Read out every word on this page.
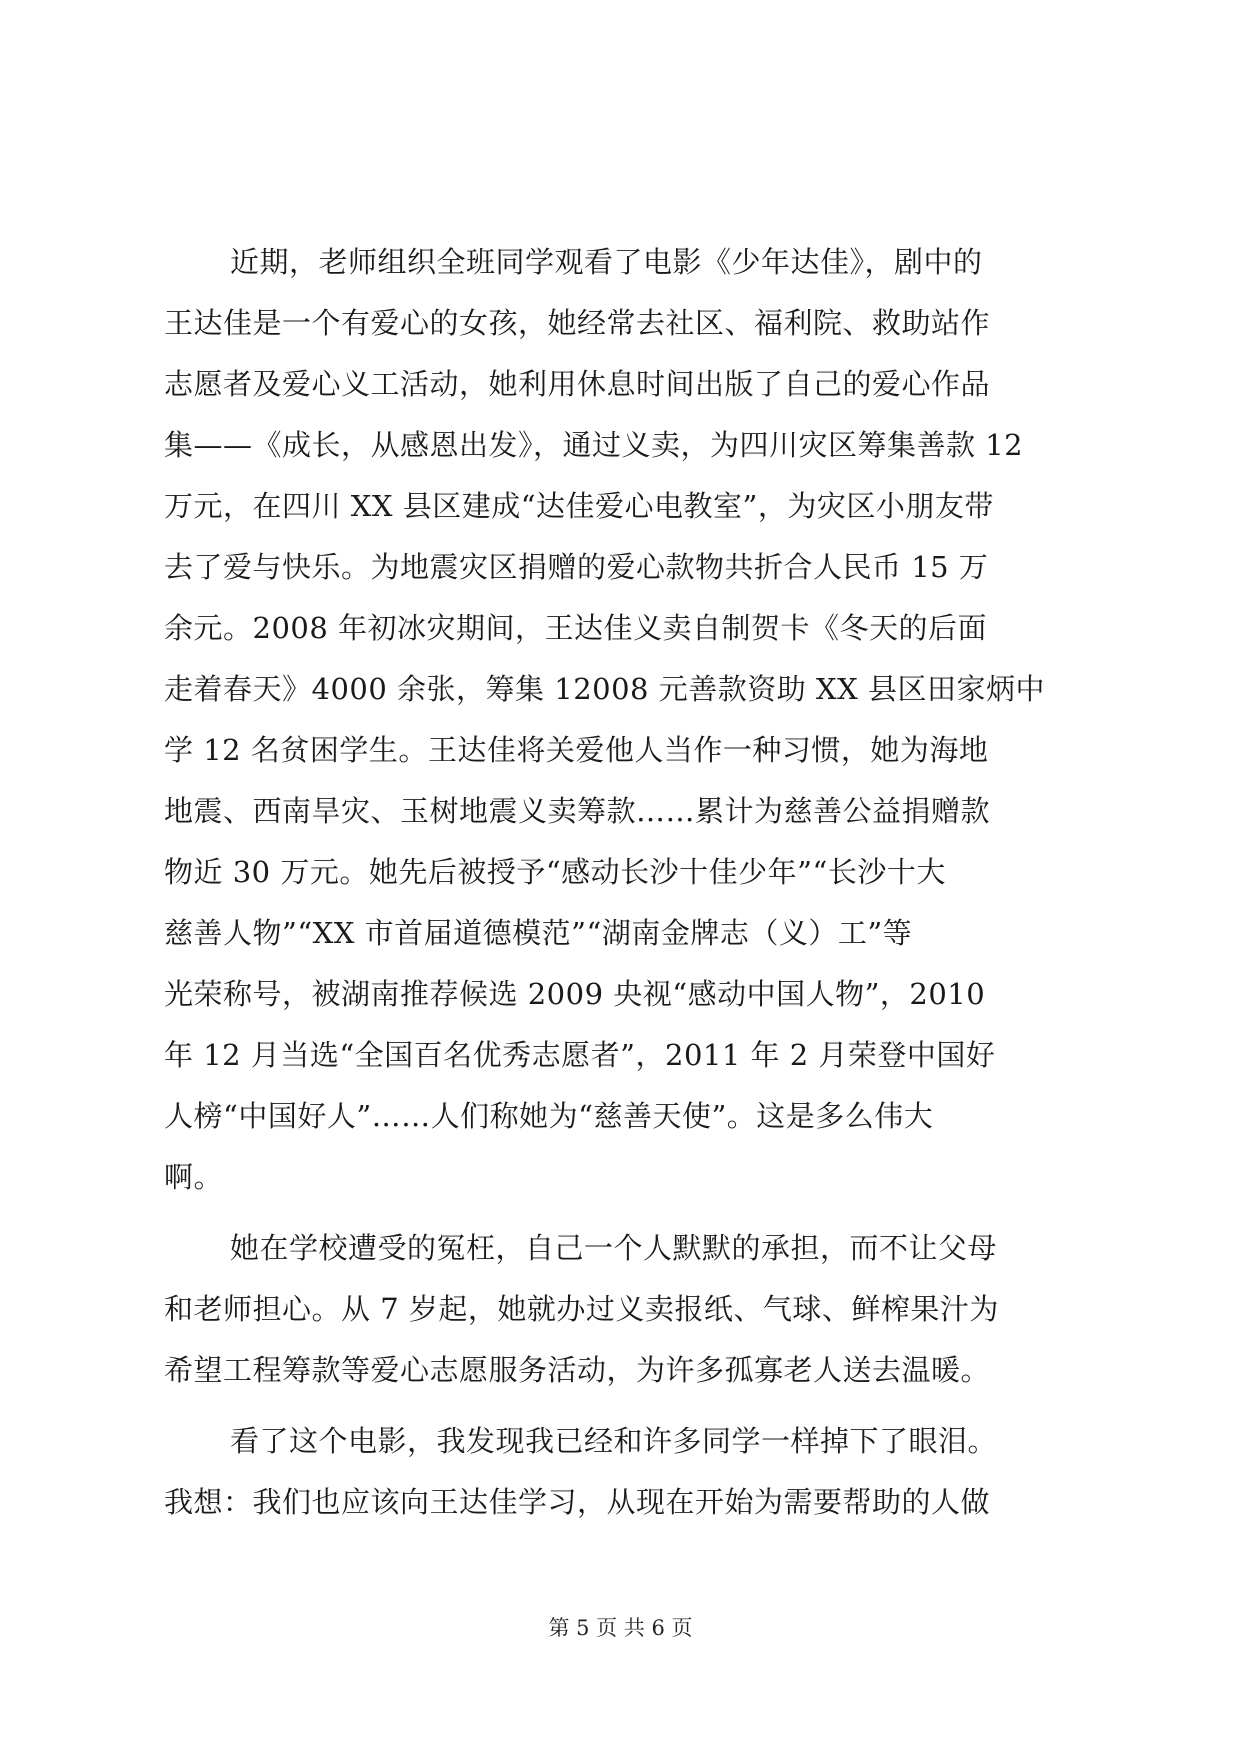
近期，老师组织全班同学观看了电影《少年达佳》，剧中的
王达佳是一个有爱心的女孩，她经常去社区、福利院、救助站作
志愿者及爱心义工活动，她利用休息时间出版了自己的爱心作品
集——《成长，从感恩出发》，通过义卖，为四川灾区筹集善款 12
万元，在四川 XX 县区建成“达佳爱心电教室”，为灾区小朋友带
去了爱与快乐。为地震灾区捐赠的爱心款物共折合人民币 15 万
余元。2008 年初冰灾期间，王达佳义卖自制贺卡《冬天的后面
走着春天》4000 余张，筹集 12008 元善款资助 XX 县区田家炳中
学 12 名贫困学生。王达佳将关爱他人当作一种习惯，她为海地
地震、西南旱灾、玉树地震义卖筹款……累计为慈善公益捐赠款
物近 30 万元。她先后被授予“感动长沙十佳少年”“长沙十大
慈善人物”“XX 市首届道德模范”“湖南金牌志（义）工”等
光荣称号，被湖南推荐候选 2009 央视“感动中国人物”，2010
年 12 月当选“全国百名优秀志愿者”，2011 年 2 月荣登中国好
人榜“中国好人”……人们称她为“慈善天使”。这是多么伟大
啊。
她在学校遭受的冤枉，自己一个人默默的承担，而不让父母
和老师担心。从 7 岁起，她就办过义卖报纸、气球、鲜榨果汁为
希望工程筹款等爱心志愿服务活动，为许多孤寡老人送去温暖。
看了这个电影，我发现我已经和许多同学一样掉下了眼泪。
我想：我们也应该向王达佳学习，从现在开始为需要帮助的人做
第 5 页 共 6 页
